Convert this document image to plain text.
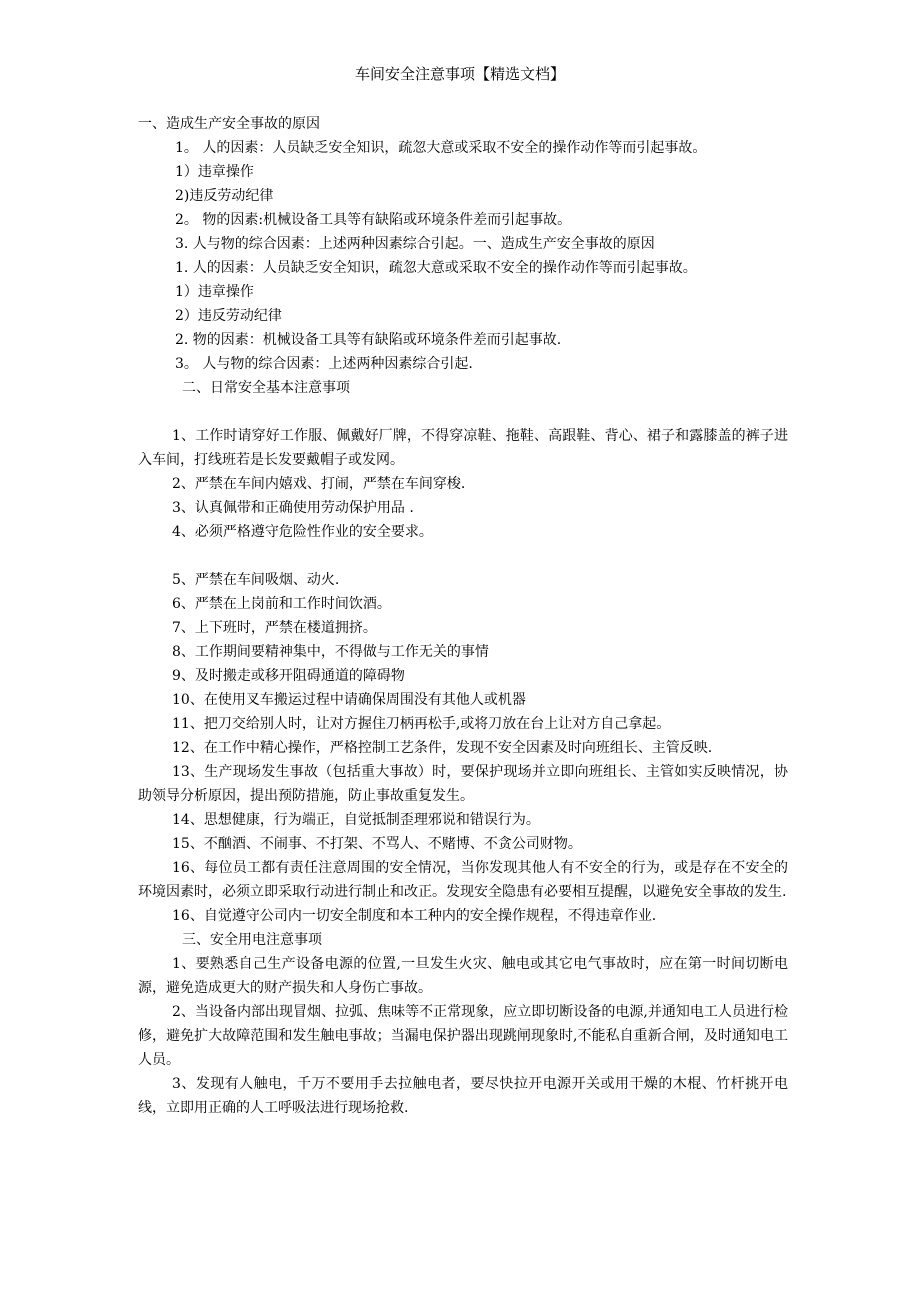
车间安全注意事项【精选文档】

一、造成生产安全事故的原因

1。 人的因素：人员缺乏安全知识，疏忽大意或采取不安全的操作动作等而引起事故。

1）违章操作

2)违反劳动纪律

2。 物的因素:机械设备工具等有缺陷或环境条件差而引起事故。

3. 人与物的综合因素：上述两种因素综合引起。一、造成生产安全事故的原因

1. 人的因素：人员缺乏安全知识，疏忽大意或采取不安全的操作动作等而引起事故。

1）违章操作

2）违反劳动纪律

2. 物的因素：机械设备工具等有缺陷或环境条件差而引起事故.

3。 人与物的综合因素：上述两种因素综合引起.

二、日常安全基本注意事项

1、工作时请穿好工作服、佩戴好厂牌，不得穿凉鞋、拖鞋、高跟鞋、背心、裙子和露膝盖的裤子进入车间，打线班若是长发要戴帽子或发网。

2、严禁在车间内嬉戏、打闹，严禁在车间穿梭.

3、认真佩带和正确使用劳动保护用品 .

4、必须严格遵守危险性作业的安全要求。

5、严禁在车间吸烟、动火.

6、严禁在上岗前和工作时间饮酒。

7、上下班时，严禁在楼道拥挤。

8、工作期间要精神集中，不得做与工作无关的事情

9、及时搬走或移开阻碍通道的障碍物

10、在使用叉车搬运过程中请确保周围没有其他人或机器

11、把刀交给别人时，让对方握住刀柄再松手,或将刀放在台上让对方自己拿起。

12、在工作中精心操作，严格控制工艺条件，发现不安全因素及时向班组长、主管反映.

13、生产现场发生事故（包括重大事故）时，要保护现场并立即向班组长、主管如实反映情况，协助领导分析原因，提出预防措施，防止事故重复发生。

14、思想健康，行为端正，自觉抵制歪理邪说和错误行为。

15、不酗酒、不闹事、不打架、不骂人、不赌博、不贪公司财物。

16、每位员工都有责任注意周围的安全情况，当你发现其他人有不安全的行为，或是存在不安全的环境因素时，必须立即采取行动进行制止和改正。发现安全隐患有必要相互提醒，以避免安全事故的发生.

16、自觉遵守公司内一切安全制度和本工种内的安全操作规程，不得违章作业.

三、安全用电注意事项

1、要熟悉自己生产设备电源的位置,一旦发生火灾、触电或其它电气事故时，应在第一时间切断电源，避免造成更大的财产损失和人身伤亡事故。

2、当设备内部出现冒烟、拉弧、焦味等不正常现象，应立即切断设备的电源,并通知电工人员进行检修，避免扩大故障范围和发生触电事故；当漏电保护器出现跳闸现象时,不能私自重新合闸，及时通知电工人员。

3、发现有人触电，千万不要用手去拉触电者，要尽快拉开电源开关或用干燥的木棍、竹杆挑开电线，立即用正确的人工呼吸法进行现场抢救.
